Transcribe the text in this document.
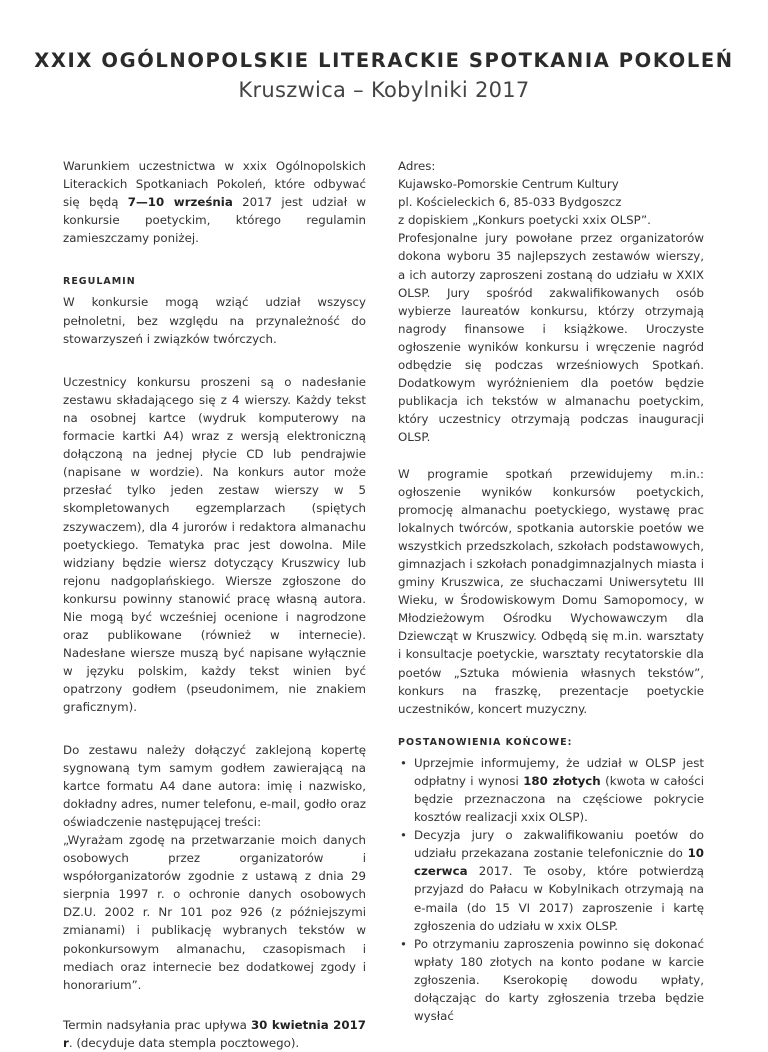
XXIX OGÓLNOPOLSKIE LITERACKIE SPOTKANIA POKOLEŃ
Kruszwica – Kobylniki 2017

Warunkiem uczestnictwa w xxix Ogólnopolskich Literackich Spotkaniach Pokoleń, które odbywać się będą 7—10 września 2017 jest udział w konkursie poetyckim, którego regulamin zamieszczamy poniżej.

REGULAMIN

W konkursie mogą wziąć udział wszyscy pełnoletni, bez względu na przynależność do stowarzyszeń i związków twórczych.

Uczestnicy konkursu proszeni są o nadesłanie zestawu składającego się z 4 wierszy. Każdy tekst na osobnej kartce (wydruk komputerowy na formacie kartki A4) wraz z wersją elektroniczną dołączoną na jednej płycie CD lub pendrajwie (napisane w wordzie). Na konkurs autor może przesłać tylko jeden zestaw wierszy w 5 skompletowanych egzemplarzach (spiętych zszywaczem), dla 4 jurorów i redaktora almanachu poetyckiego. Tematyka prac jest dowolna. Mile widziany będzie wiersz dotyczący Kruszwicy lub rejonu nadgoplańskiego. Wiersze zgłoszone do konkursu powinny stanowić pracę własną autora. Nie mogą być wcześniej ocenione i nagrodzone oraz publikowane (również w internecie). Nadesłane wiersze muszą być napisane wyłącznie w języku polskim, każdy tekst winien być opatrzony godłem (pseudonimem, nie znakiem graficznym).

Do zestawu należy dołączyć zaklejoną kopertę sygnowaną tym samym godłem zawierającą na kartce formatu A4 dane autora: imię i nazwisko, dokładny adres, numer telefonu, e-mail, godło oraz oświadczenie następującej treści:

„Wyrażam zgodę na przetwarzanie moich danych osobowych przez organizatorów i współorganizatorów zgodnie z ustawą z dnia 29 sierpnia 1997 r. o ochronie danych osobowych DZ.U. 2002 r. Nr 101 poz 926 (z późniejszymi zmianami) i publikację wybranych tekstów w pokonkursowym almanachu, czasopismach i mediach oraz internecie bez dodatkowej zgody i honorarium”.

Termin nadsyłania prac upływa 30 kwietnia 2017 r. (decyduje data stempla pocztowego).

Adres:
Kujawsko-Pomorskie Centrum Kultury
pl. Kościeleckich 6, 85-033 Bydgoszcz
z dopiskiem „Konkurs poetycki xxix OLSP”.

Profesjonalne jury powołane przez organizatorów dokona wyboru 35 najlepszych zestawów wierszy, a ich autorzy zaproszeni zostaną do udziału w XXIX OLSP. Jury spośród zakwalifikowanych osób wybierze laureatów konkursu, którzy otrzymają nagrody finansowe i książkowe. Uroczyste ogłoszenie wyników konkursu i wręczenie nagród odbędzie się podczas wrześniowych Spotkań. Dodatkowym wyróżnieniem dla poetów będzie publikacja ich tekstów w almanachu poetyckim, który uczestnicy otrzymają podczas inauguracji OLSP.

W programie spotkań przewidujemy m.in.: ogłoszenie wyników konkursów poetyckich, promocję almanachu poetyckiego, wystawę prac lokalnych twórców, spotkania autorskie poetów we wszystkich przedszkolach, szkołach podstawowych, gimnazjach i szkołach ponadgimnazjalnych miasta i gminy Kruszwica, ze słuchaczami Uniwersytetu III Wieku, w Środowiskowym Domu Samopomocy, w Młodzieżowym Ośrodku Wychowawczym dla Dziewcząt w Kruszwicy. Odbędą się m.in. warsztaty i konsultacje poetyckie, warsztaty recytatorskie dla poetów „Sztuka mówienia własnych tekstów”, konkurs na fraszkę, prezentacje poetyckie uczestników, koncert muzyczny.

POSTANOWIENIA KOŃCOWE:
• Uprzejmie informujemy, że udział w OLSP jest odpłatny i wynosi 180 złotych (kwota w całości będzie przeznaczona na częściowe pokrycie kosztów realizacji xxix OLSP).
• Decyzja jury o zakwalifikowaniu poetów do udziału przekazana zostanie telefonicznie do 10 czerwca 2017. Te osoby, które potwierdzą przyjazd do Pałacu w Kobylnikach otrzymają na e-maila (do 15 VI 2017) zaproszenie i kartę zgłoszenia do udziału w xxix OLSP.
• Po otrzymaniu zaproszenia powinno się dokonać wpłaty 180 złotych na konto podane w karcie zgłoszenia. Kserokopię dowodu wpłaty, dołączając do karty zgłoszenia trzeba będzie wysłać
